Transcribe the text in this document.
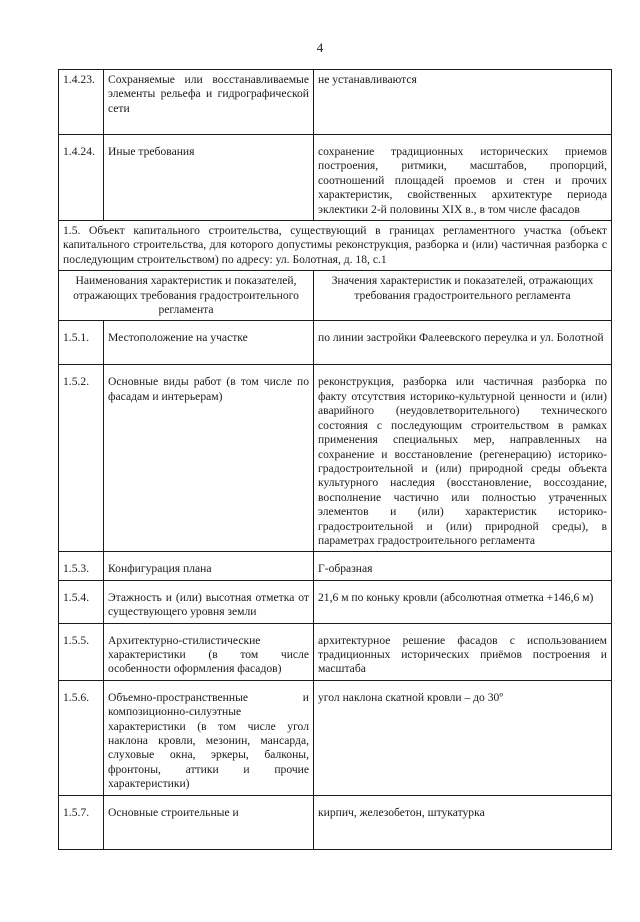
4
1.4.23.	Сохраняемые или восстанавливаемые элементы рельефа и гидрографической сети	не устанавливаются
1.4.24.	Иные требования	сохранение традиционных исторических приемов построения, ритмики, масштабов, пропорций, соотношений площадей проемов и стен и прочих характеристик, свойственных архитектуре периода эклектики 2-й половины XIX в., в том числе фасадов
1.5. Объект капитального строительства, существующий в границах регламентного участка (объект капитального строительства, для которого допустимы реконструкция, разборка и (или) частичная разборка с последующим строительством) по адресу: ул. Болотная, д. 18, с.1		
Наименования характеристик и показателей, отражающих требования градостроительного регламента		Значения характеристик и показателей, отражающих требования градостроительного регламента
1.5.1.	Местоположение на участке	по линии застройки Фалеевского переулка и ул. Болотной
1.5.2.	Основные виды работ (в том числе по фасадам и интерьерам)	реконструкция, разборка или частичная разборка по факту отсутствия историко-культурной ценности и (или) аварийного (неудовлетворительного) технического состояния с последующим строительством в рамках применения специальных мер, направленных на сохранение и восстановление (регенерацию) историко-градостроительной и (или) природной среды объекта культурного наследия (восстановление, воссоздание, восполнение частично или полностью утраченных элементов и (или) характеристик историко-градостроительной и (или) природной среды), в параметрах градостроительного регламента
1.5.3.	Конфигурация плана	Г-образная
1.5.4.	Этажность и (или) высотная отметка от существующего уровня земли	21,6 м по коньку кровли (абсолютная отметка +146,6 м)
1.5.5.	Архитектурно-стилистические характеристики (в том числе особенности оформления фасадов)	архитектурное решение фасадов с использованием традиционных исторических приёмов построения и масштаба
1.5.6.	Объемно-пространственные и композиционно-силуэтные характеристики (в том числе угол наклона кровли, мезонин, мансарда, слуховые окна, эркеры, балконы, фронтоны, аттики и прочие характеристики)	угол наклона скатной кровли – до 30º
1.5.7.	Основные строительные и	кирпич, железобетон, штукатурка
